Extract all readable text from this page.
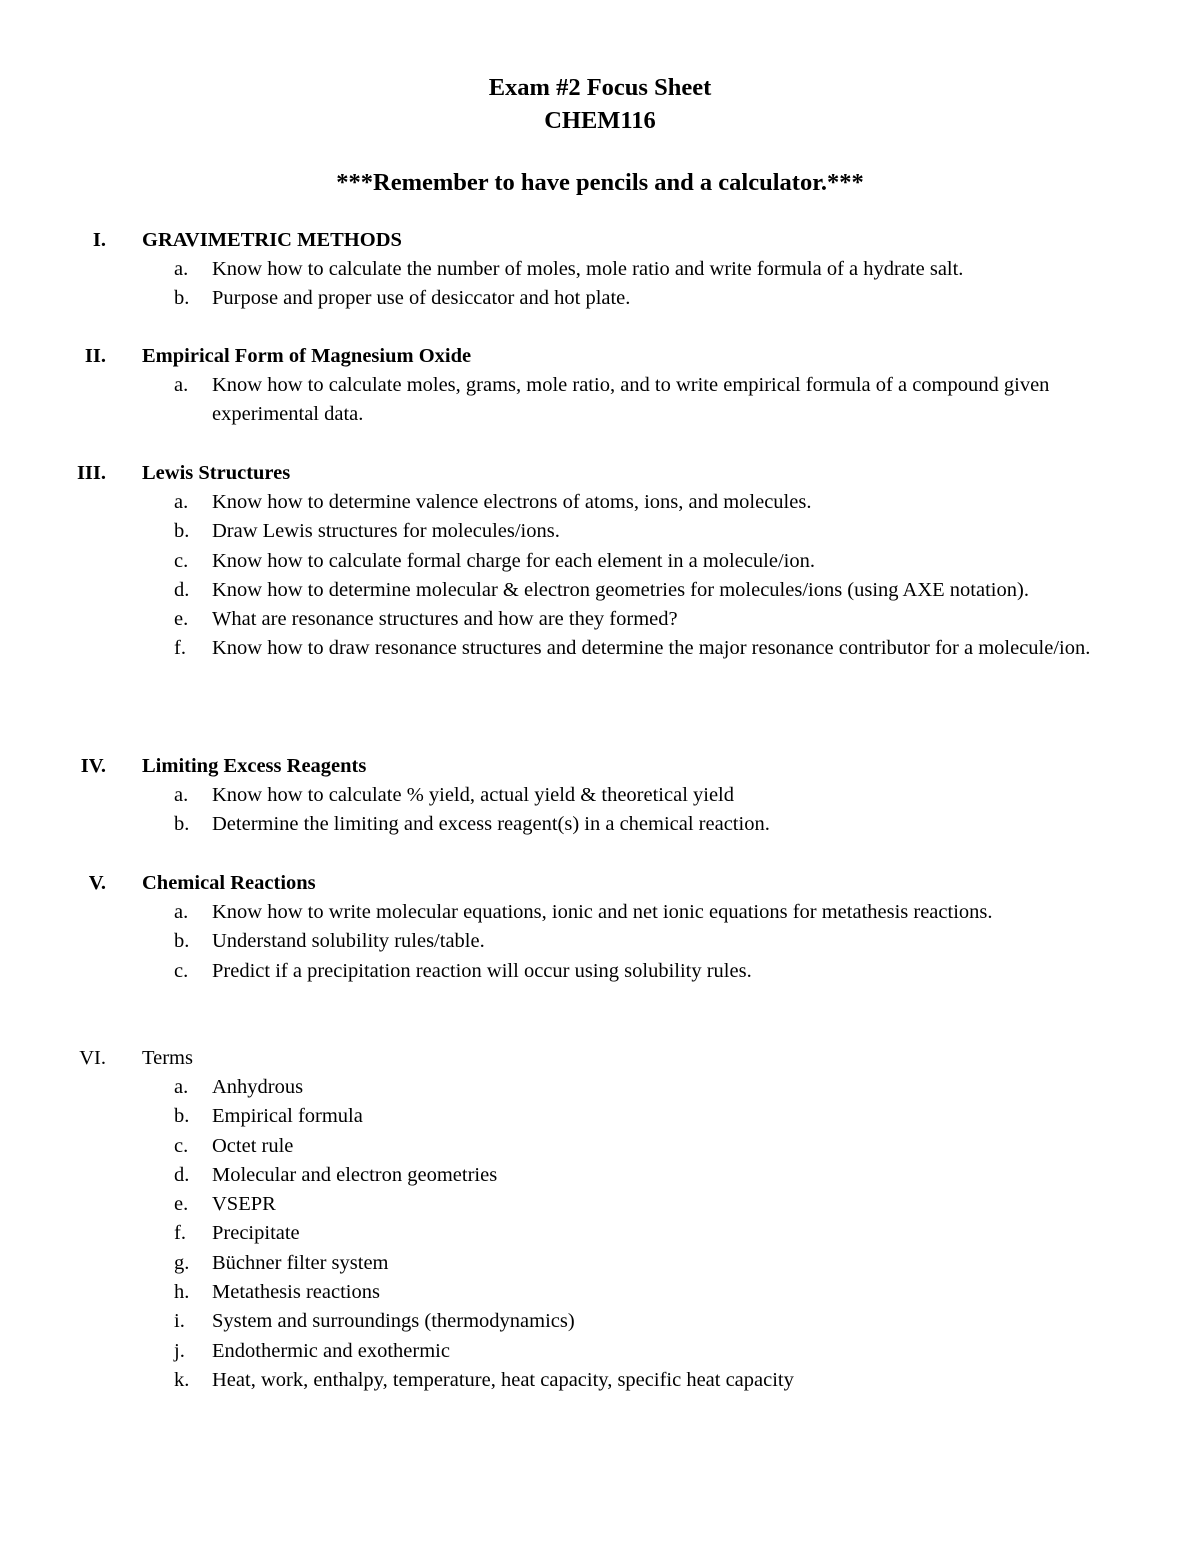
Exam #2 Focus Sheet
CHEM116
***Remember to have pencils and a calculator.***
I. GRAVIMETRIC METHODS
a. Know how to calculate the number of moles, mole ratio and write formula of a hydrate salt.
b. Purpose and proper use of desiccator and hot plate.
II. Empirical Form of Magnesium Oxide
a. Know how to calculate moles, grams, mole ratio, and to write empirical formula of a compound given experimental data.
III. Lewis Structures
a. Know how to determine valence electrons of atoms, ions, and molecules.
b. Draw Lewis structures for molecules/ions.
c. Know how to calculate formal charge for each element in a molecule/ion.
d. Know how to determine molecular & electron geometries for molecules/ions (using AXE notation).
e. What are resonance structures and how are they formed?
f. Know how to draw resonance structures and determine the major resonance contributor for a molecule/ion.
IV. Limiting Excess Reagents
a. Know how to calculate % yield, actual yield & theoretical yield
b. Determine the limiting and excess reagent(s) in a chemical reaction.
V. Chemical Reactions
a. Know how to write molecular equations, ionic and net ionic equations for metathesis reactions.
b. Understand solubility rules/table.
c. Predict if a precipitation reaction will occur using solubility rules.
VI. Terms
a. Anhydrous
b. Empirical formula
c. Octet rule
d. Molecular and electron geometries
e. VSEPR
f. Precipitate
g. Büchner filter system
h. Metathesis reactions
i. System and surroundings (thermodynamics)
j. Endothermic and exothermic
k. Heat, work, enthalpy, temperature, heat capacity, specific heat capacity
